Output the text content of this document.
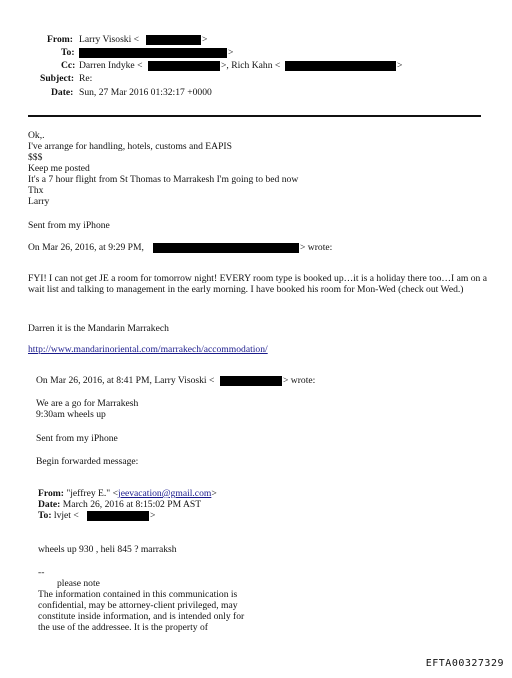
From: Larry Visoski <	>
To:	>
Cc: Darren Indyke <	>, Rich Kahn <	>
Subject: Re:
Date: Sun, 27 Mar 2016 01:32:17 +0000
Ok,.
I've arrange for handling, hotels, customs and EAPIS
$$$
Keep me posted
It's a 7 hour flight from St Thomas to Marrakesh I'm going to bed now
Thx
Larry
Sent from my iPhone
On Mar 26, 2016, at 9:29 PM,	> wrote:
FYI! I can not get JE a room for tomorrow night! EVERY room type is booked up…it is a holiday there too…I am on a wait list and talking to management in the early morning. I have booked his room for Mon-Wed (check out Wed.)
Darren it is the Mandarin Marrakech
http://www.mandarinoriental.com/marrakech/accommodation/
On Mar 26, 2016, at 8:41 PM, Larry Visoski <	> wrote:
We are a go for Marrakesh
9:30am wheels up
Sent from my iPhone
Begin forwarded message:
From: "jeffrey E." <jeevacation@gmail.com>
Date: March 26, 2016 at 8:15:02 PM AST
To: lvjet <	>
wheels up 930 , heli 845 ? marraksh
--
please note
The information contained in this communication is
confidential, may be attorney-client privileged, may
constitute inside information, and is intended only for
the use of the addressee. It is the property of
EFTA00327329
